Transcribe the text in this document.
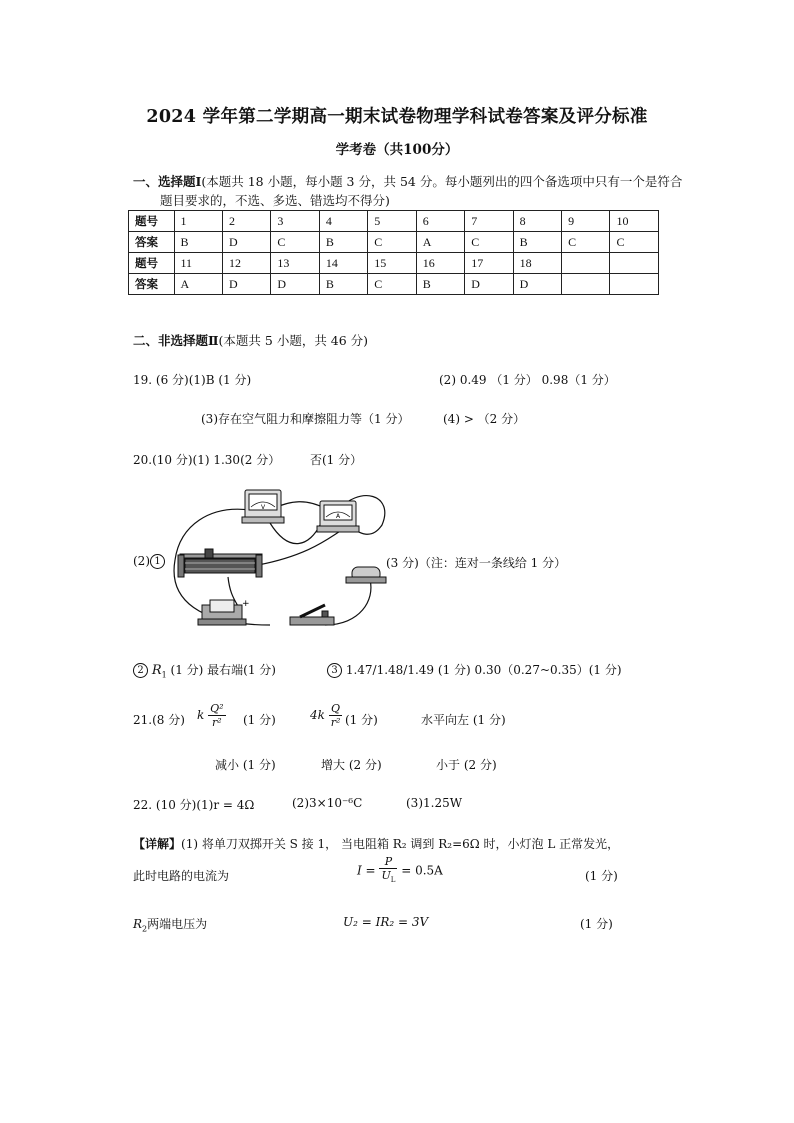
2024 学年第二学期高一期末试卷物理学科试卷答案及评分标准
学考卷（共100分）
一、选择题Ⅰ(本题共 18 小题，每小题 3 分，共 54 分。每小题列出的四个备选项中只有一个是符合
题目要求的，不选、多选、错选均不得分)
题号	1	2	3	4	5	6	7	8	9	10
答案	B	D	C	B	C	A	C	B	C	C
题号	11	12	13	14	15	16	17	18		
答案	A	D	D	B	C	B	D	D		
二、非选择题Ⅱ(本题共 5 小题，共 46 分)
19. (6 分)(1)B (1 分)	(2) 0.49 （1 分） 0.98（1 分）
(3)存在空气阻力和摩擦阻力等（1 分）	(4) > （2 分）
20.(10 分)(1) 1.30(2 分） 否(1 分）
(2) 1
V
A
+
(3 分)（注：连对一条线给 1 分）
2 $R_1$ (1 分) 最右端(1 分)	3 1.47/1.48/1.49 (1 分) 0.30（0.27~0.35）(1 分)
21.(8 分) k $\frac{\text{Q²}}{\text{r²}} (1$ 分)	$4k \frac{Q}{\text{r²}} (1$ 分)	水平向左 (1 分)
减小 (1 分)	增大 (2 分)	小于 (2 分)
22. (10 分)(1)r = 4Ω	(2)3×10⁻⁶C	(3)1.25W
【详解】(1) 将单刀双掷开关 S 接 1， 当电阻箱 R₂ 调到 R₂=6Ω 时，小灯泡 L 正常发光，
此时电路的电流为	$I = \frac{P}{U_L} = 0.5A$	(1 分)
$R_2$两端电压为	U₂ = IR₂ = 3V	(1 分)
